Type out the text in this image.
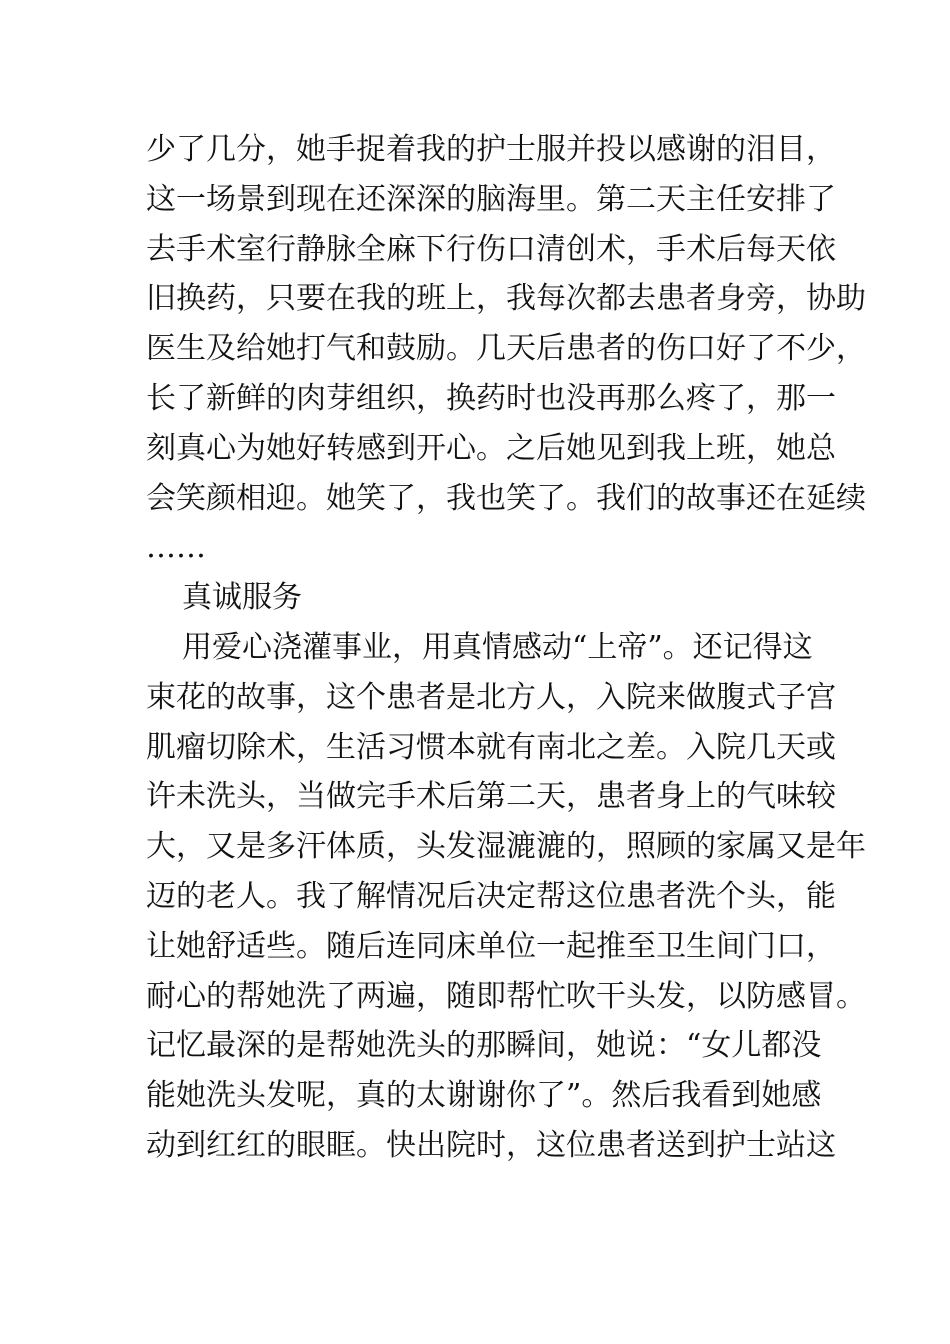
少了几分，她手捉着我的护士服并投以感谢的泪目，
这一场景到现在还深深的脑海里。第二天主任安排了
去手术室行静脉全麻下行伤口清创术，手术后每天依
旧换药，只要在我的班上，我每次都去患者身旁，协助
医生及给她打气和鼓励。几天后患者的伤口好了不少，
长了新鲜的肉芽组织，换药时也没再那么疼了，那一
刻真心为她好转感到开心。之后她见到我上班，她总
会笑颜相迎。她笑了，我也笑了。我们的故事还在延续
……
真诚服务
用爱心浇灌事业，用真情感动“上帝”。还记得这
束花的故事，这个患者是北方人，入院来做腹式子宫
肌瘤切除术，生活习惯本就有南北之差。入院几天或
许未洗头，当做完手术后第二天，患者身上的气味较
大，又是多汗体质，头发湿漉漉的，照顾的家属又是年
迈的老人。我了解情况后决定帮这位患者洗个头，能
让她舒适些。随后连同床单位一起推至卫生间门口，
耐心的帮她洗了两遍，随即帮忙吹干头发，以防感冒。
记忆最深的是帮她洗头的那瞬间，她说：“女儿都没
能她洗头发呢，真的太谢谢你了”。然后我看到她感
动到红红的眼眶。快出院时，这位患者送到护士站这
